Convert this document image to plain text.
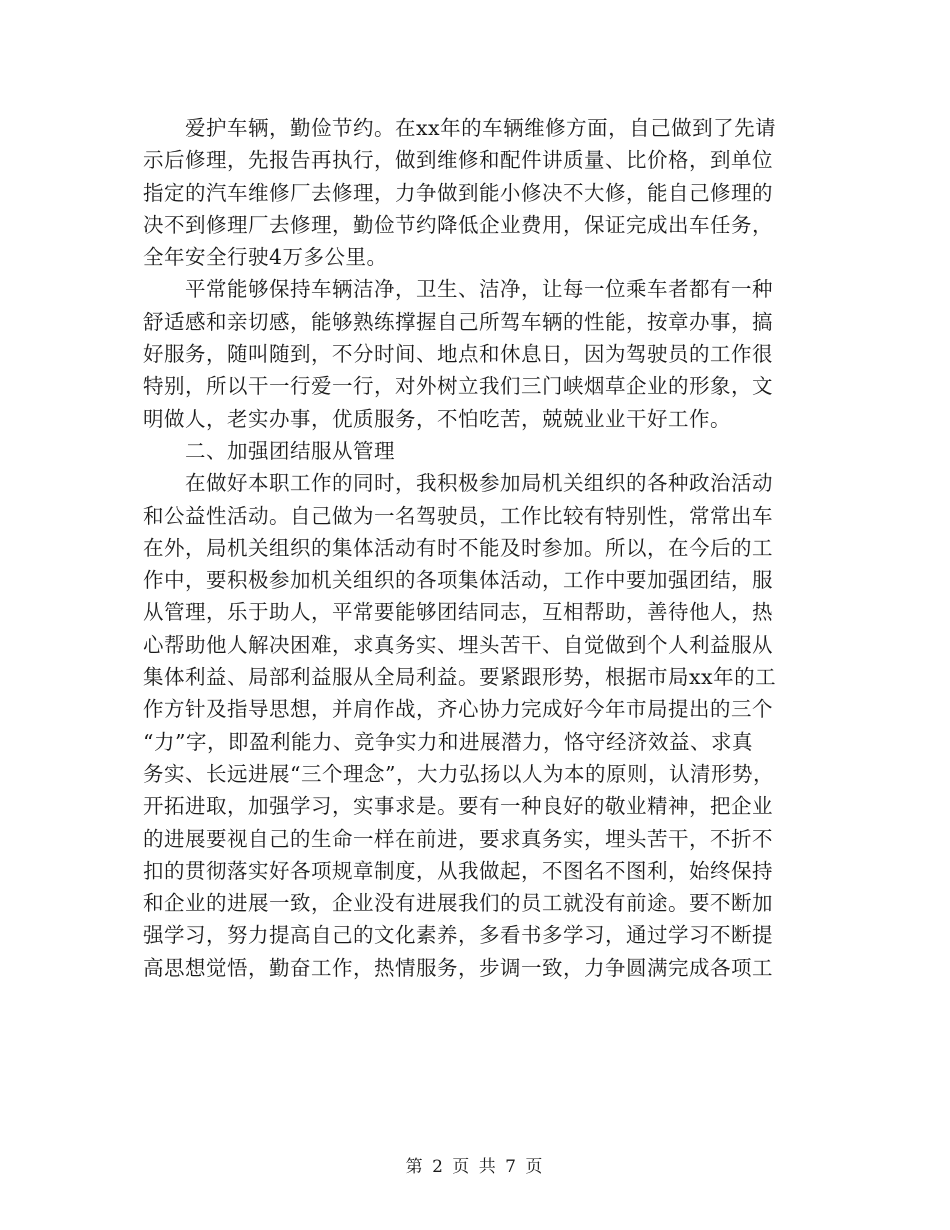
爱护车辆，勤俭节约。在xx年的车辆维修方面，自己做到了先请
示后修理，先报告再执行，做到维修和配件讲质量、比价格，到单位
指定的汽车维修厂去修理，力争做到能小修决不大修，能自己修理的
决不到修理厂去修理，勤俭节约降低企业费用，保证完成出车任务，
全年安全行驶4万多公里。

平常能够保持车辆洁净，卫生、洁净，让每一位乘车者都有一种
舒适感和亲切感，能够熟练撑握自己所驾车辆的性能，按章办事，搞
好服务，随叫随到，不分时间、地点和休息日，因为驾驶员的工作很
特别，所以干一行爱一行，对外树立我们三门峡烟草企业的形象，文
明做人，老实办事，优质服务，不怕吃苦，兢兢业业干好工作。

二、加强团结服从管理

在做好本职工作的同时，我积极参加局机关组织的各种政治活动
和公益性活动。自己做为一名驾驶员，工作比较有特别性，常常出车
在外，局机关组织的集体活动有时不能及时参加。所以，在今后的工
作中，要积极参加机关组织的各项集体活动，工作中要加强团结，服
从管理，乐于助人，平常要能够团结同志，互相帮助，善待他人，热
心帮助他人解决困难，求真务实、埋头苦干、自觉做到个人利益服从
集体利益、局部利益服从全局利益。要紧跟形势，根据市局xx年的工
作方针及指导思想，并肩作战，齐心协力完成好今年市局提出的三个
“力”字，即盈利能力、竞争实力和进展潜力，恪守经济效益、求真
务实、长远进展“三个理念”，大力弘扬以人为本的原则，认清形势，
开拓进取，加强学习，实事求是。要有一种良好的敬业精神，把企业
的进展要视自己的生命一样在前进，要求真务实，埋头苦干，不折不
扣的贯彻落实好各项规章制度，从我做起，不图名不图利，始终保持
和企业的进展一致，企业没有进展我们的员工就没有前途。要不断加
强学习，努力提高自己的文化素养，多看书多学习，通过学习不断提
高思想觉悟，勤奋工作，热情服务，步调一致，力争圆满完成各项工

第 2 页 共 7 页
